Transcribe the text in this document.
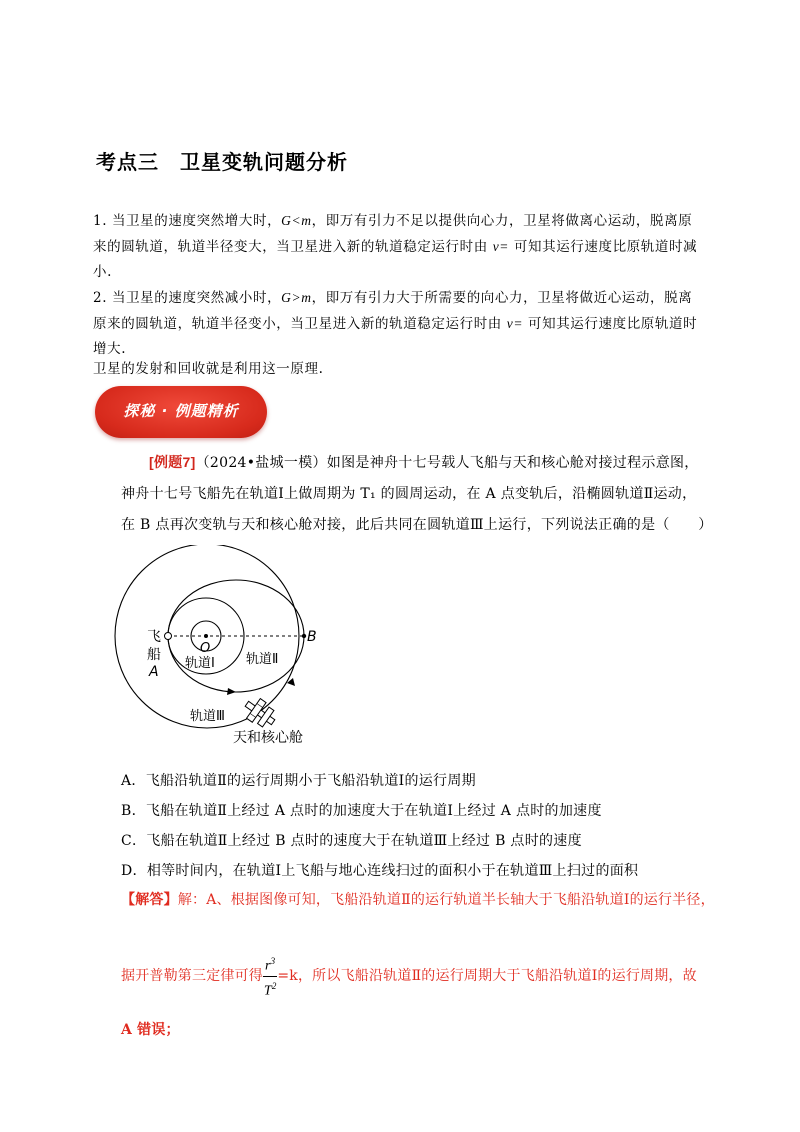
考点三　卫星变轨问题分析
1. 当卫星的速度突然增大时，G<m，即万有引力不足以提供向心力，卫星将做离心运动，脱离原
来的圆轨道，轨道半径变大，当卫星进入新的轨道稳定运行时由 v= 可知其运行速度比原轨道时减
小.
2. 当卫星的速度突然减小时，G>m，即万有引力大于所需要的向心力，卫星将做近心运动，脱离
原来的圆轨道，轨道半径变小，当卫星进入新的轨道稳定运行时由 v= 可知其运行速度比原轨道时
增大.
卫星的发射和回收就是利用这一原理.
探秘 · 例题精析
[例题7]（2024•盐城一模）如图是神舟十七号载人飞船与天和核心舱对接过程示意图，
神舟十七号飞船先在轨道Ⅰ上做周期为 T₁ 的圆周运动，在 A 点变轨后，沿椭圆轨道Ⅱ运动，
在 B 点再次变轨与天和核心舱对接，此后共同在圆轨道Ⅲ上运行，下列说法正确的是（　　）
飞
船
A
B
O
轨道Ⅰ 轨道Ⅱ
轨道Ⅲ
天和核心舱
A．飞船沿轨道Ⅱ的运行周期小于飞船沿轨道Ⅰ的运行周期
B．飞船在轨道Ⅱ上经过 A 点时的加速度大于在轨道Ⅰ上经过 A 点时的加速度
C．飞船在轨道Ⅱ上经过 B 点时的速度大于在轨道Ⅲ上经过 B 点时的速度
D．相等时间内，在轨道Ⅰ上飞船与地心连线扫过的面积小于在轨道Ⅲ上扫过的面积
【解答】解：A、根据图像可知，飞船沿轨道Ⅱ的运行轨道半长轴大于飞船沿轨道Ⅰ的运行半径，
据开普勒第三定律可得 $\frac{r^3}{T^2} =k$，所以飞船沿轨道Ⅱ的运行周期大于飞船沿轨道Ⅰ的运行周期，故
A 错误；
